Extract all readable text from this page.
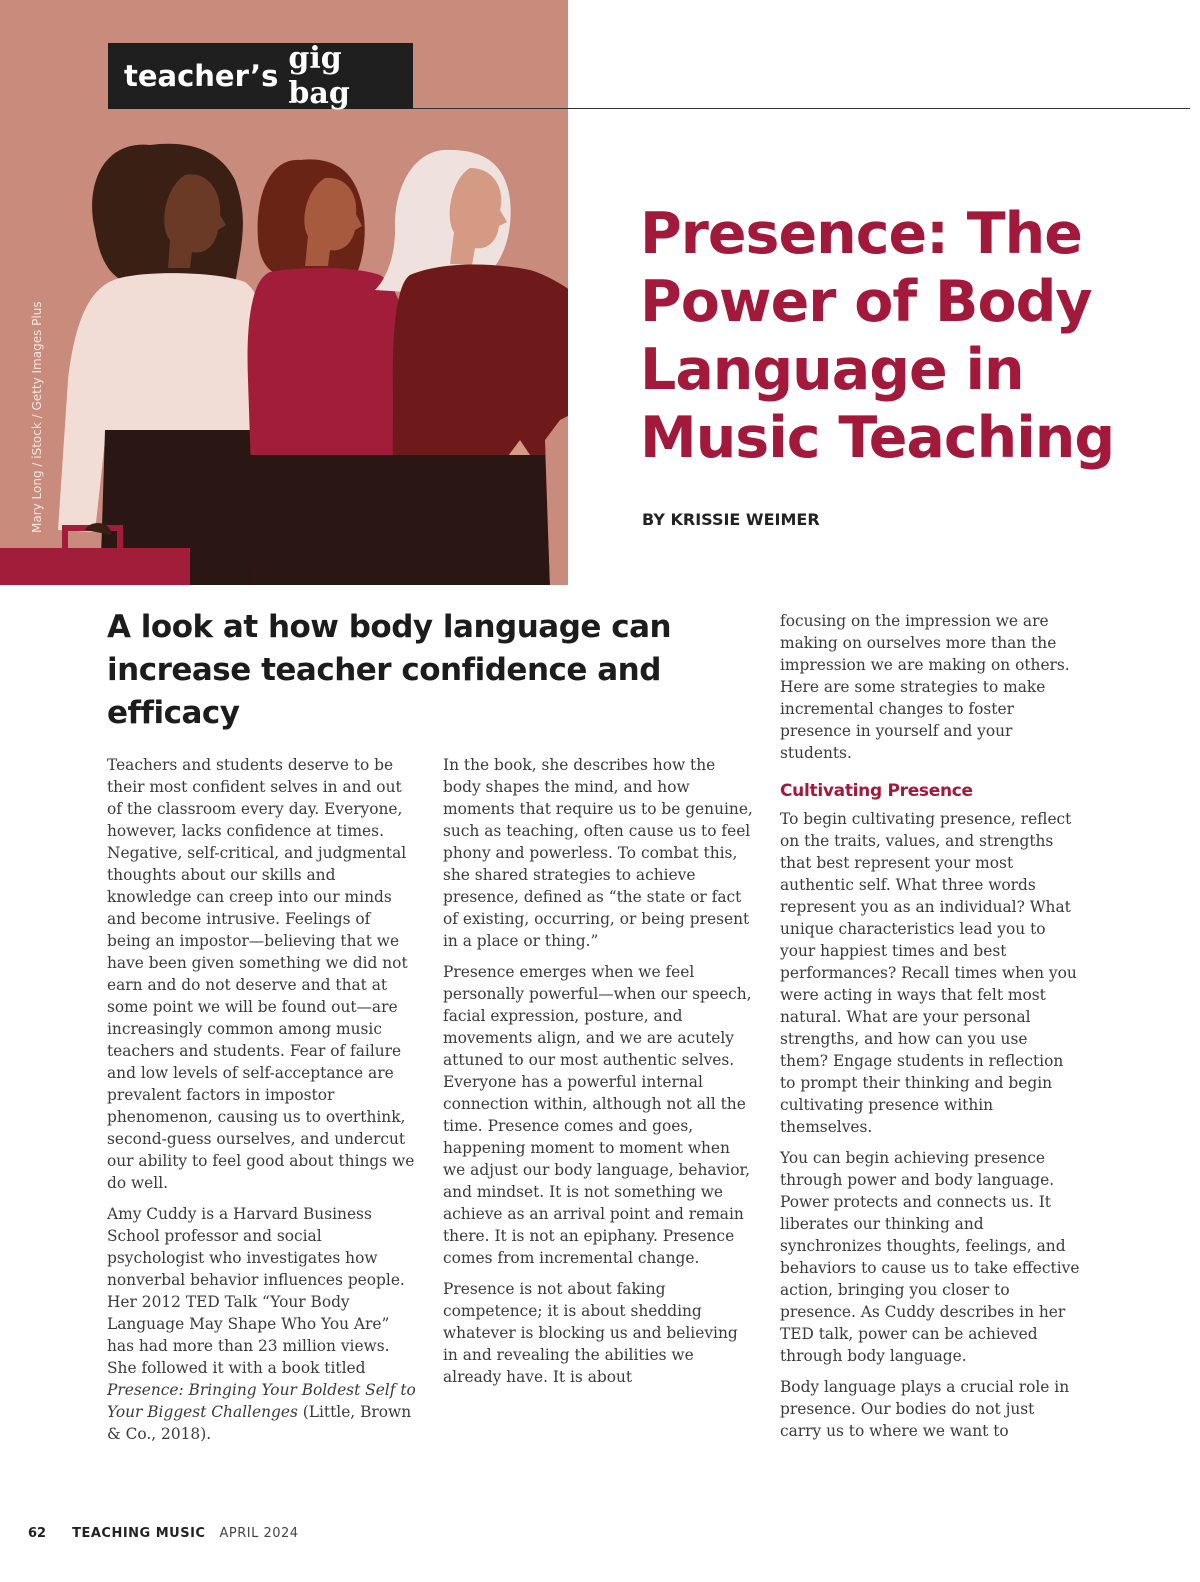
teacher’s gig bag
Mary Long / iStock / Getty Images Plus
Presence: The Power of Body Language in Music Teaching

BY KRISSIE WEIMER

A look at how body language can increase teacher confidence and efficacy

Teachers and students deserve to be their most confident selves in and out of the classroom every day. Everyone, however, lacks confidence at times. Negative, self-critical, and judgmental thoughts about our skills and knowledge can creep into our minds and become intrusive. Feelings of being an impostor—believing that we have been given something we did not earn and do not deserve and that at some point we will be found out—are increasingly common among music teachers and students. Fear of failure and low levels of self-acceptance are prevalent factors in impostor phenomenon, causing us to overthink, second-guess ourselves, and undercut our ability to feel good about things we do well.

Amy Cuddy is a Harvard Business School professor and social psychologist who investigates how nonverbal behavior influences people. Her 2012 TED Talk “Your Body Language May Shape Who You Are” has had more than 23 million views. She followed it with a book titled Presence: Bringing Your Boldest Self to Your Biggest Challenges (Little, Brown & Co., 2018).

In the book, she describes how the body shapes the mind, and how moments that require us to be genuine, such as teaching, often cause us to feel phony and powerless. To combat this, she shared strategies to achieve presence, defined as “the state or fact of existing, occurring, or being present in a place or thing.”

Presence emerges when we feel personally powerful—when our speech, facial expression, posture, and movements align, and we are acutely attuned to our most authentic selves. Everyone has a powerful internal connection within, although not all the time. Presence comes and goes, happening moment to moment when we adjust our body language, behavior, and mindset. It is not something we achieve as an arrival point and remain there. It is not an epiphany. Presence comes from incremental change.

Presence is not about faking competence; it is about shedding whatever is blocking us and believing in and revealing the abilities we already have. It is about

focusing on the impression we are making on ourselves more than the impression we are making on others. Here are some strategies to make incremental changes to foster presence in yourself and your students.

Cultivating Presence

To begin cultivating presence, reflect on the traits, values, and strengths that best represent your most authentic self. What three words represent you as an individual? What unique characteristics lead you to your happiest times and best performances? Recall times when you were acting in ways that felt most natural. What are your personal strengths, and how can you use them? Engage students in reflection to prompt their thinking and begin cultivating presence within themselves.

You can begin achieving presence through power and body language. Power protects and connects us. It liberates our thinking and synchronizes thoughts, feelings, and behaviors to cause us to take effective action, bringing you closer to presence. As Cuddy describes in her TED talk, power can be achieved through body language.

Body language plays a crucial role in presence. Our bodies do not just carry us to where we want to

62 TEACHING MUSIC APRIL 2024
